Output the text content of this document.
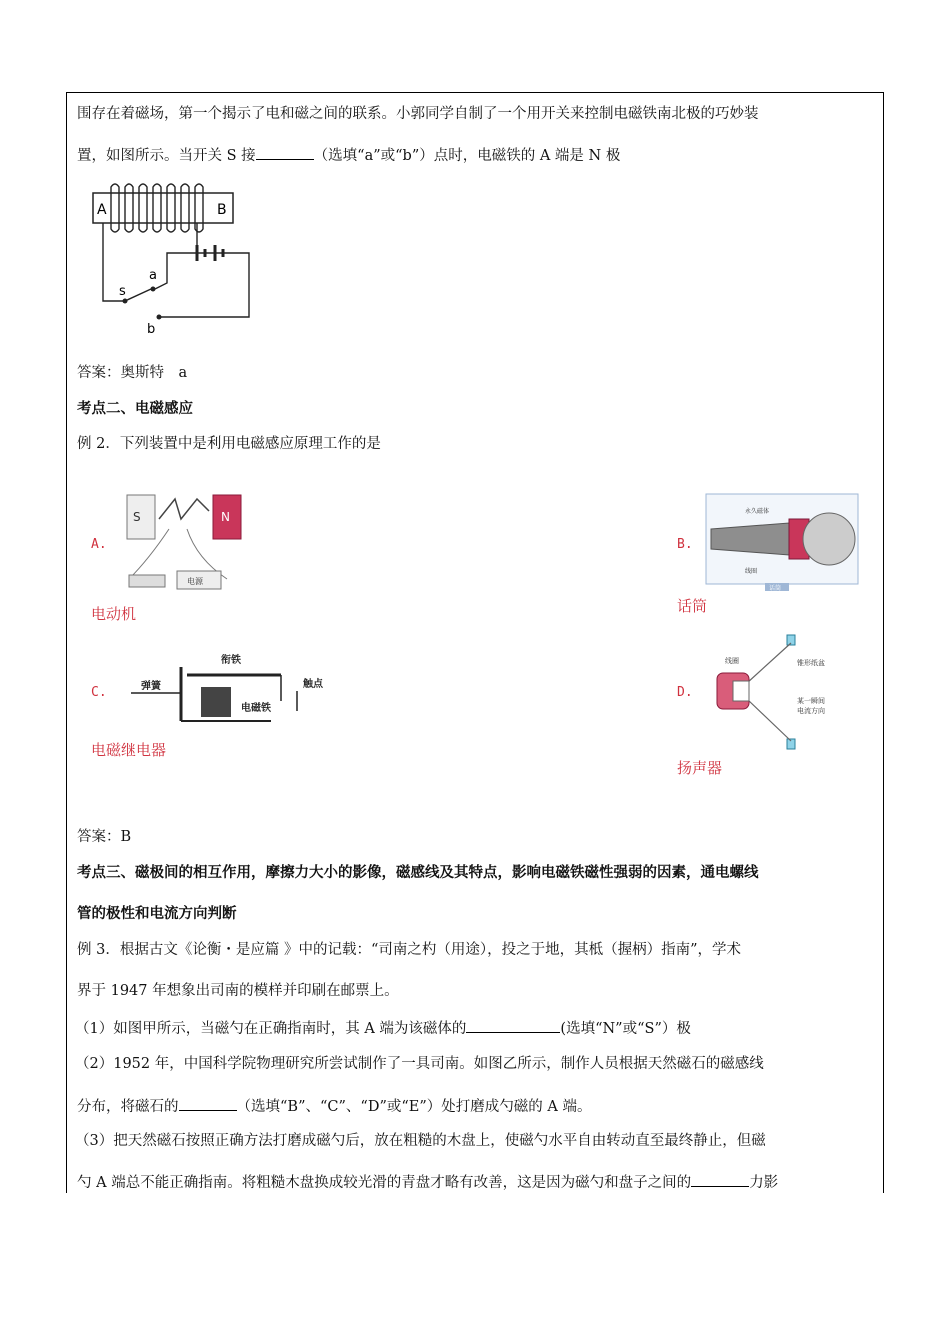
围存在着磁场，第一个揭示了电和磁之间的联系。小郭同学自制了一个用开关来控制电磁铁南北极的巧妙装
置，如图所示。当开关 S 接	（选填“a”或“b”）点时，电磁铁的 A 端是 N 极
A	B
s
a
b
答案：奥斯特　a
考点二、电磁感应
例 2．下列装置中是利用电磁感应原理工作的是
A.
S	N
电源
电动机
B.
永久磁体
线圈
话筒
话筒
C.
衔铁
弹簧	触点
电磁铁
电磁继电器
D.
线圈	锥形纸盆
某一瞬间
电流方向
扬声器
答案：B
考点三、磁极间的相互作用，摩擦力大小的影像，磁感线及其特点，影响电磁铁磁性强弱的因素，通电螺线
管的极性和电流方向判断
例 3．根据古文《论衡・是应篇 》中的记载：“司南之杓（用途），投之于地，其柢（握柄）指南”，学术
界于 1947 年想象出司南的模样并印刷在邮票上。
（1）如图甲所示，当磁勺在正确指南时，其 A 端为该磁体的	(选填“N”或“S”）极
（2）1952 年，中国科学院物理研究所尝试制作了一具司南。如图乙所示，制作人员根据天然磁石的磁感线
分布，将磁石的	（选填“B”、“C”、“D”或“E”）处打磨成勺磁的 A 端。
（3）把天然磁石按照正确方法打磨成磁勺后，放在粗糙的木盘上，使磁勺水平自由转动直至最终静止，但磁
勺 A 端总不能正确指南。将粗糙木盘换成较光滑的青盘才略有改善，这是因为磁勺和盘子之间的	力影
